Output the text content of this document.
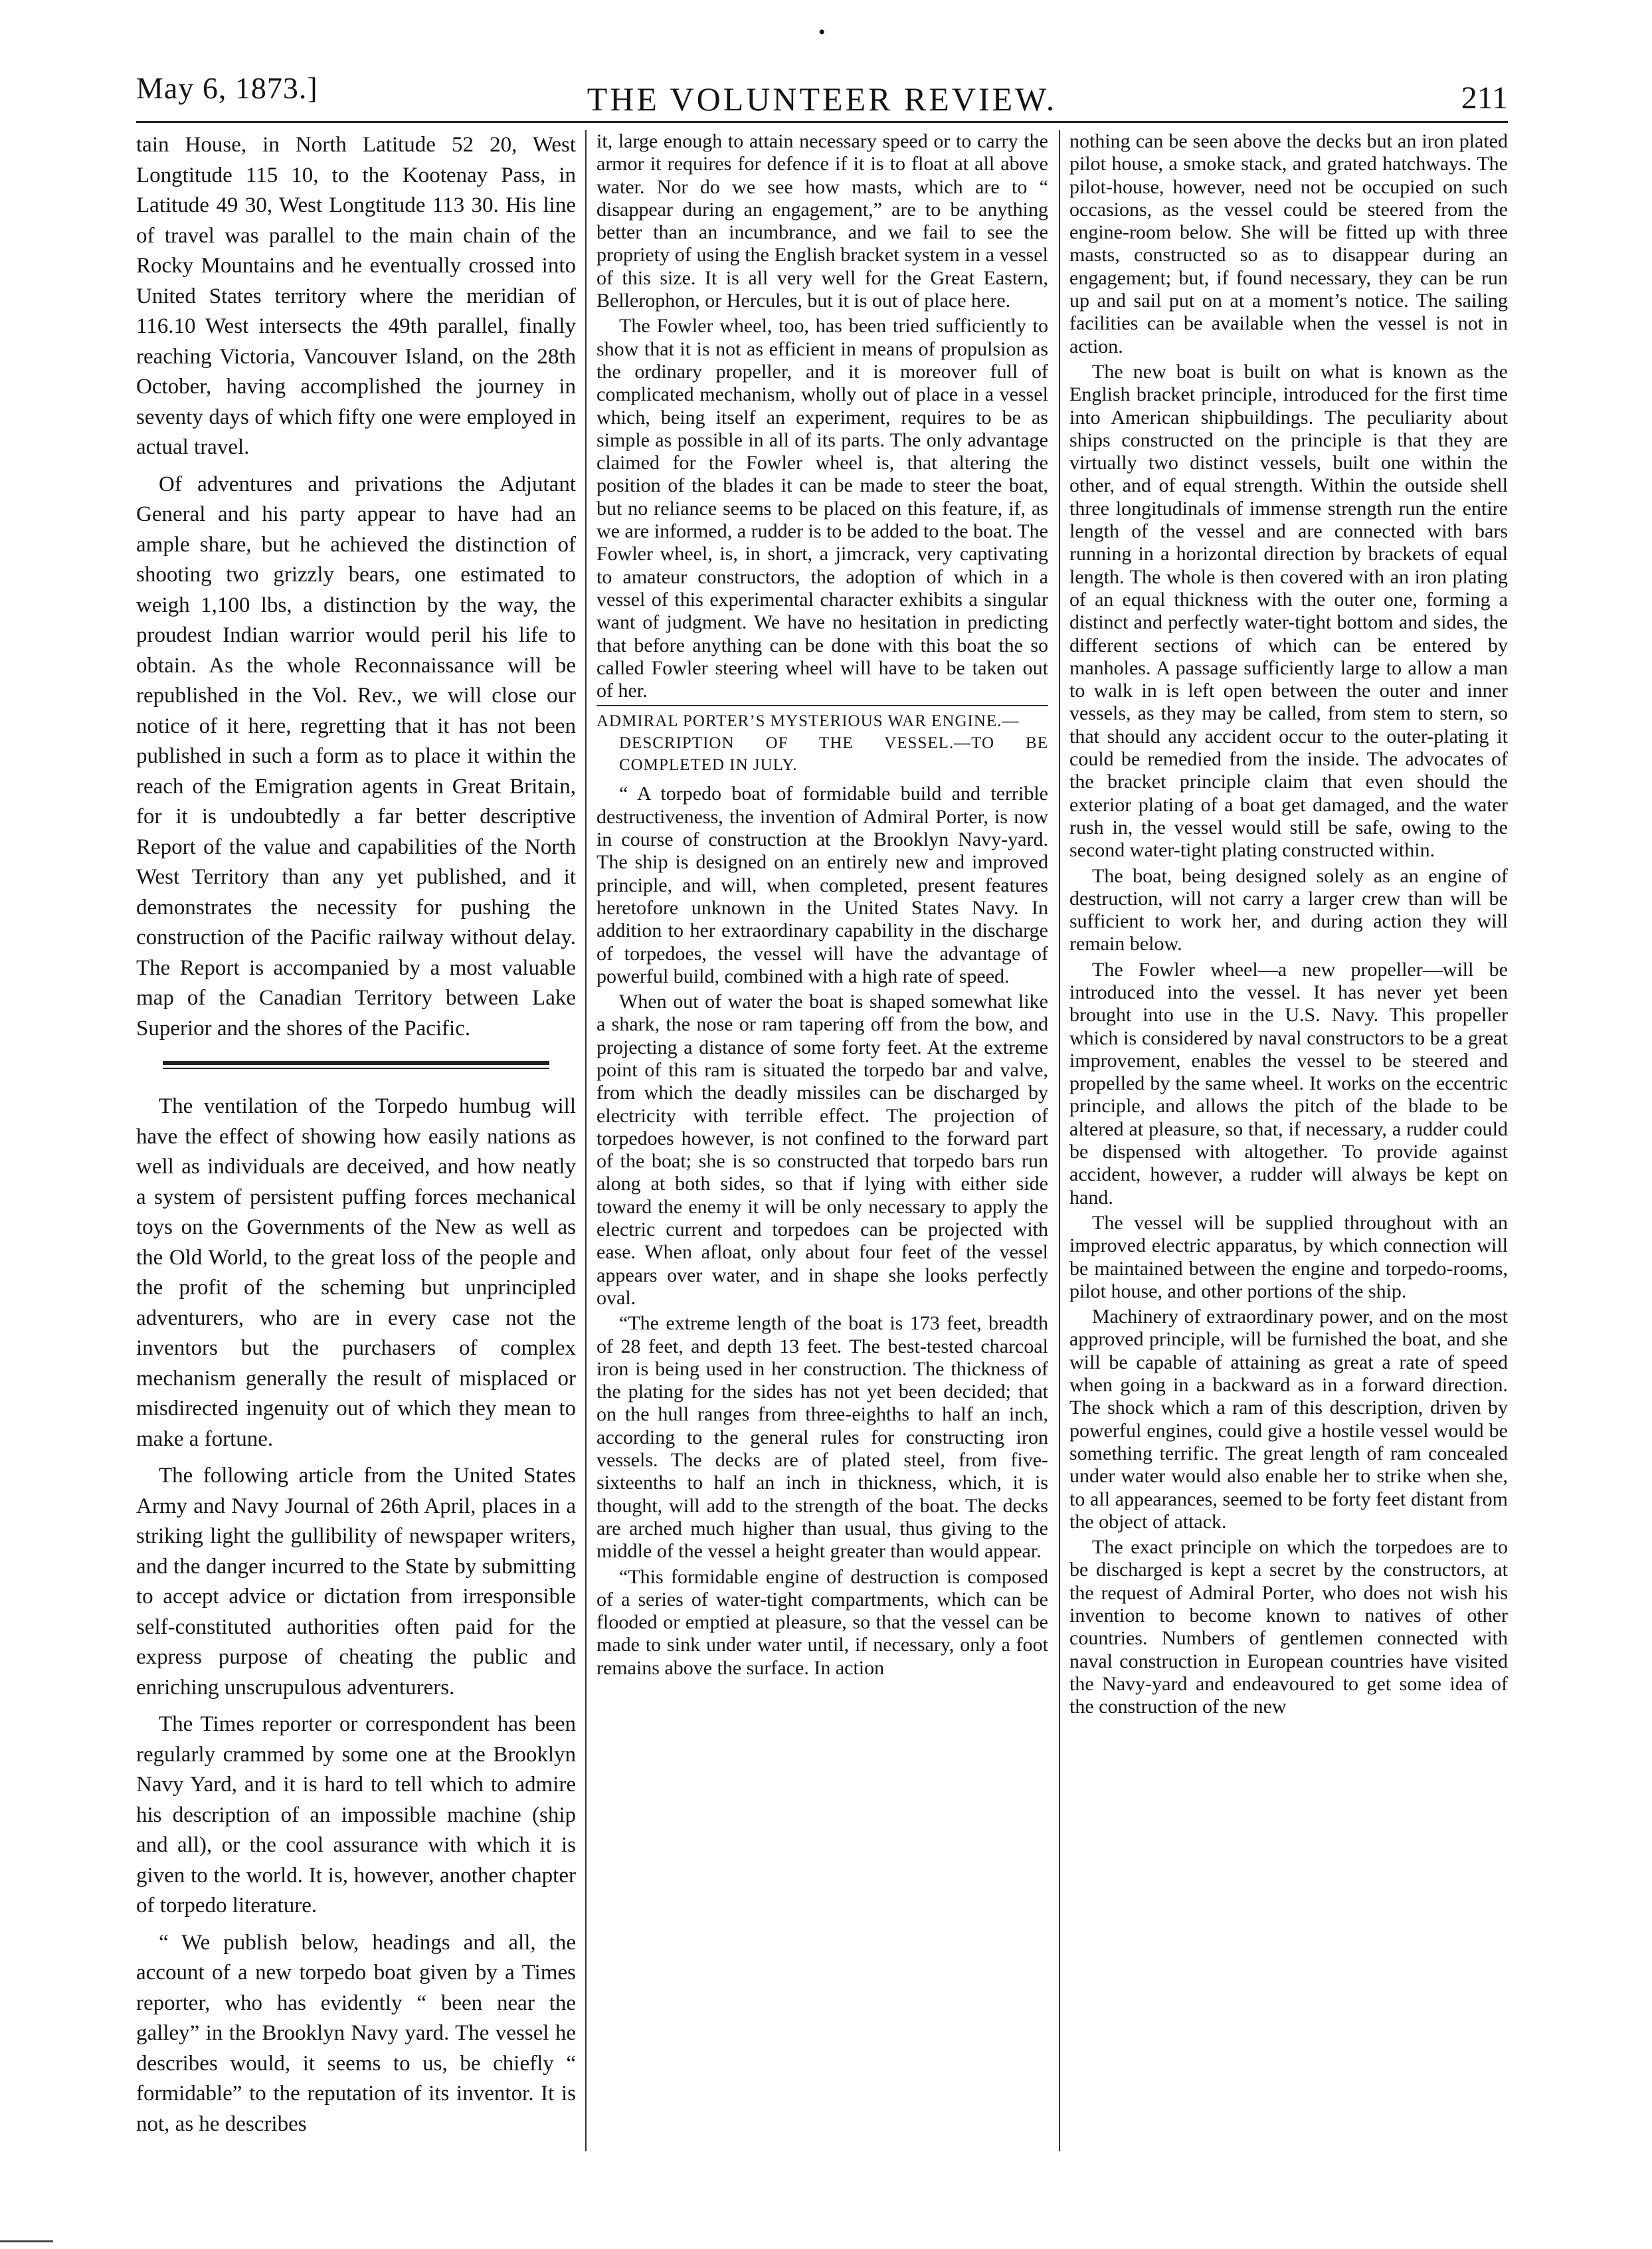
•
May 6, 1873.]	THE VOLUNTEER REVIEW.	211

tain House, in North Latitude 52 20, West Longtitude 115 10, to the Kootenay Pass, in Latitude 49 30, West Longtitude 113 30. His line of travel was parallel to the main chain of the Rocky Mountains and he eventually crossed into United States territory where the meridian of 116.10 West intersects the 49th parallel, finally reaching Victoria, Vancouver Island, on the 28th October, having accomplished the journey in seventy days of which fifty one were employed in actual travel.

Of adventures and privations the Adjutant General and his party appear to have had an ample share, but he achieved the distinction of shooting two grizzly bears, one estimated to weigh 1,100 lbs, a distinction by the way, the proudest Indian warrior would peril his life to obtain. As the whole Reconnaissance will be republished in the Vol. Rev., we will close our notice of it here, regretting that it has not been published in such a form as to place it within the reach of the Emigration agents in Great Britain, for it is undoubtedly a far better descriptive Report of the value and capabilities of the North West Territory than any yet published, and it demonstrates the necessity for pushing the construction of the Pacific railway without delay. The Report is accompanied by a most valuable map of the Canadian Territory between Lake Superior and the shores of the Pacific.

The ventilation of the Torpedo humbug will have the effect of showing how easily nations as well as individuals are deceived, and how neatly a system of persistent puffing forces mechanical toys on the Governments of the New as well as the Old World, to the great loss of the people and the profit of the scheming but unprincipled adventurers, who are in every case not the inventors but the purchasers of complex mechanism generally the result of misplaced or misdirected ingenuity out of which they mean to make a fortune.

The following article from the United States Army and Navy Journal of 26th April, places in a striking light the gullibility of newspaper writers, and the danger incurred to the State by submitting to accept advice or dictation from irresponsible self-constituted authorities often paid for the express purpose of cheating the public and enriching unscrupulous adventurers.

The Times reporter or correspondent has been regularly crammed by some one at the Brooklyn Navy Yard, and it is hard to tell which to admire his description of an impossible machine (ship and all), or the cool assurance with which it is given to the world. It is, however, another chapter of torpedo literature.

“ We publish below, headings and all, the account of a new torpedo boat given by a Times reporter, who has evidently “ been near the galley” in the Brooklyn Navy yard. The vessel he describes would, it seems to us, be chiefly “ formidable” to the reputation of its inventor. It is not, as he describes

it, large enough to attain necessary speed or to carry the armor it requires for defence if it is to float at all above water. Nor do we see how masts, which are to “ disappear during an engagement,” are to be anything better than an incumbrance, and we fail to see the propriety of using the English bracket system in a vessel of this size. It is all very well for the Great Eastern, Bellerophon, or Hercules, but it is out of place here.

The Fowler wheel, too, has been tried sufficiently to show that it is not as efficient in means of propulsion as the ordinary propeller, and it is moreover full of complicated mechanism, wholly out of place in a vessel which, being itself an experiment, requires to be as simple as possible in all of its parts. The only advantage claimed for the Fowler wheel is, that altering the position of the blades it can be made to steer the boat, but no reliance seems to be placed on this feature, if, as we are informed, a rudder is to be added to the boat. The Fowler wheel, is, in short, a jimcrack, very captivating to amateur constructors, the adoption of which in a vessel of this experimental character exhibits a singular want of judgment. We have no hesitation in predicting that before anything can be done with this boat the so called Fowler steering wheel will have to be taken out of her.

ADMIRAL PORTER’S MYSTERIOUS WAR ENGINE.—
DESCRIPTION OF THE VESSEL.—TO BE COMPLETED IN JULY.

“ A torpedo boat of formidable build and terrible destructiveness, the invention of Admiral Porter, is now in course of construction at the Brooklyn Navy-yard. The ship is designed on an entirely new and improved principle, and will, when completed, present features heretofore unknown in the United States Navy. In addition to her extraordinary capability in the discharge of torpedoes, the vessel will have the advantage of powerful build, combined with a high rate of speed.

When out of water the boat is shaped somewhat like a shark, the nose or ram tapering off from the bow, and projecting a distance of some forty feet. At the extreme point of this ram is situated the torpedo bar and valve, from which the deadly missiles can be discharged by electricity with terrible effect. The projection of torpedoes however, is not confined to the forward part of the boat; she is so constructed that torpedo bars run along at both sides, so that if lying with either side toward the enemy it will be only necessary to apply the electric current and torpedoes can be projected with ease. When afloat, only about four feet of the vessel appears over water, and in shape she looks perfectly oval.

“The extreme length of the boat is 173 feet, breadth of 28 feet, and depth 13 feet. The best-tested charcoal iron is being used in her construction. The thickness of the plating for the sides has not yet been decided; that on the hull ranges from three-eighths to half an inch, according to the general rules for constructing iron vessels. The decks are of plated steel, from five-sixteenths to half an inch in thickness, which, it is thought, will add to the strength of the boat. The decks are arched much higher than usual, thus giving to the middle of the vessel a height greater than would appear.

“This formidable engine of destruction is composed of a series of water-tight compartments, which can be flooded or emptied at pleasure, so that the vessel can be made to sink under water until, if necessary, only a foot remains above the surface. In action

nothing can be seen above the decks but an iron plated pilot house, a smoke stack, and grated hatchways. The pilot-house, however, need not be occupied on such occasions, as the vessel could be steered from the engine-room below. She will be fitted up with three masts, constructed so as to disappear during an engagement; but, if found necessary, they can be run up and sail put on at a moment’s notice. The sailing facilities can be available when the vessel is not in action.

The new boat is built on what is known as the English bracket principle, introduced for the first time into American shipbuildings. The peculiarity about ships constructed on the principle is that they are virtually two distinct vessels, built one within the other, and of equal strength. Within the outside shell three longitudinals of immense strength run the entire length of the vessel and are connected with bars running in a horizontal direction by brackets of equal length. The whole is then covered with an iron plating of an equal thickness with the outer one, forming a distinct and perfectly water-tight bottom and sides, the different sections of which can be entered by manholes. A passage sufficiently large to allow a man to walk in is left open between the outer and inner vessels, as they may be called, from stem to stern, so that should any accident occur to the outer-plating it could be remedied from the inside. The advocates of the bracket principle claim that even should the exterior plating of a boat get damaged, and the water rush in, the vessel would still be safe, owing to the second water-tight plating constructed within.

The boat, being designed solely as an engine of destruction, will not carry a larger crew than will be sufficient to work her, and during action they will remain below.

The Fowler wheel—a new propeller—will be introduced into the vessel. It has never yet been brought into use in the U.S. Navy. This propeller which is considered by naval constructors to be a great improvement, enables the vessel to be steered and propelled by the same wheel. It works on the eccentric principle, and allows the pitch of the blade to be altered at pleasure, so that, if necessary, a rudder could be dispensed with altogether. To provide against accident, however, a rudder will always be kept on hand.

The vessel will be supplied throughout with an improved electric apparatus, by which connection will be maintained between the engine and torpedo-rooms, pilot house, and other portions of the ship.

Machinery of extraordinary power, and on the most approved principle, will be furnished the boat, and she will be capable of attaining as great a rate of speed when going in a backward as in a forward direction. The shock which a ram of this description, driven by powerful engines, could give a hostile vessel would be something terrific. The great length of ram concealed under water would also enable her to strike when she, to all appearances, seemed to be forty feet distant from the object of attack.

The exact principle on which the torpedoes are to be discharged is kept a secret by the constructors, at the request of Admiral Porter, who does not wish his invention to become known to natives of other countries. Numbers of gentlemen connected with naval construction in European countries have visited the Navy-yard and endeavoured to get some idea of the construction of the new
